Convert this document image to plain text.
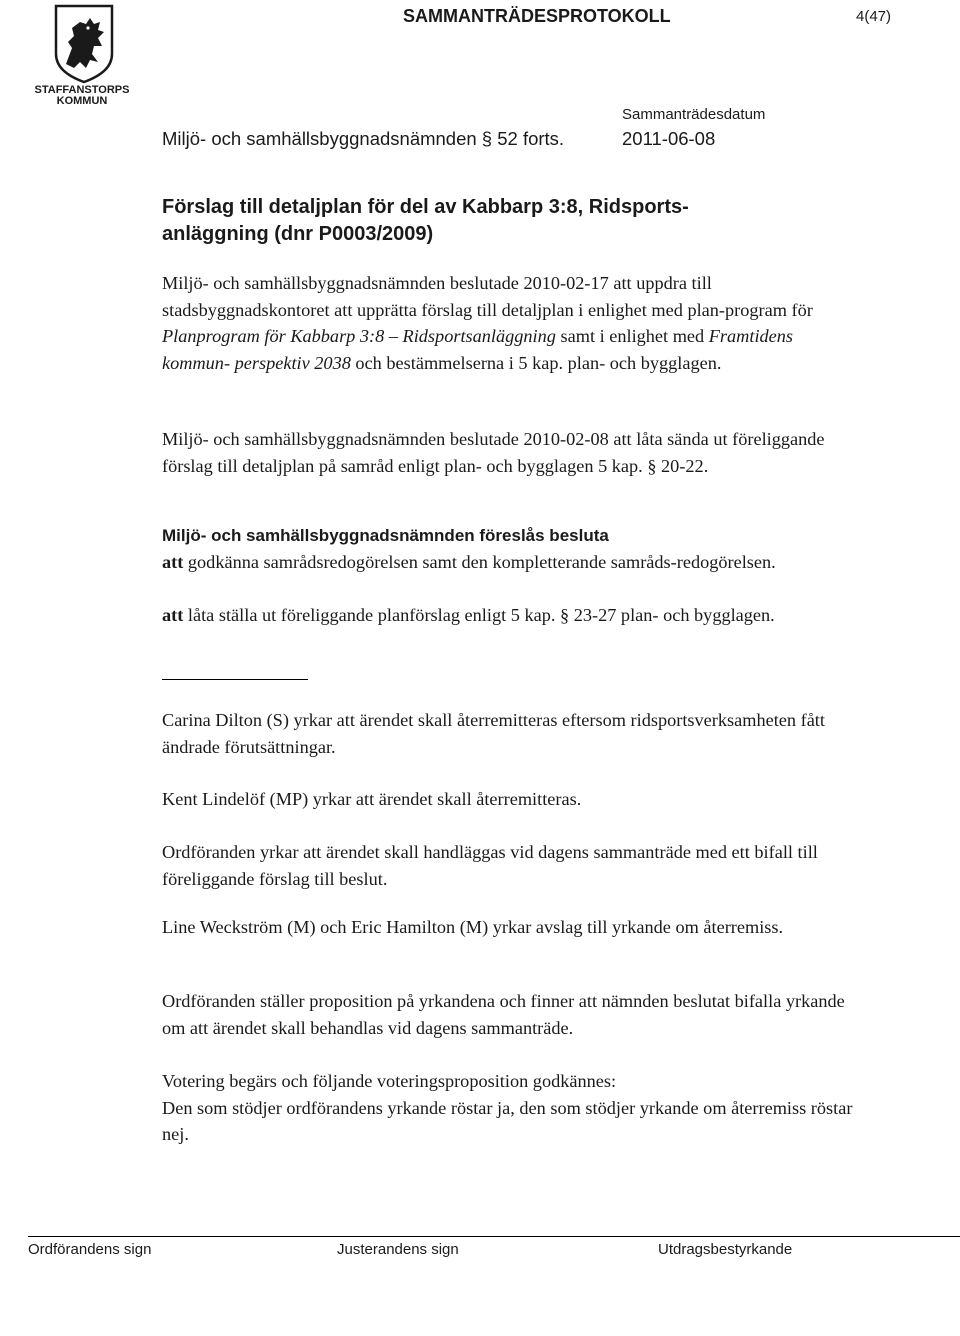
STAFFANSTORPS
KOMMUN
SAMMANTRÄDESPROTOKOLL	4(47)
Sammanträdesdatum
Miljö- och samhällsbyggnadsnämnden § 52 forts.	2011-06-08
Förslag till detaljplan för del av Kabbarp 3:8, Ridsports-
anläggning (dnr P0003/2009)
Miljö- och samhällsbyggnadsnämnden beslutade 2010-02-17 att uppdra till stadsbyggnadskontoret att upprätta förslag till detaljplan i enlighet med plan-program för Planprogram för Kabbarp 3:8 – Ridsportsanläggning samt i enlighet med Framtidens kommun- perspektiv 2038 och bestämmelserna i 5 kap. plan- och bygglagen.
Miljö- och samhällsbyggnadsnämnden beslutade 2010-02-08 att låta sända ut föreliggande förslag till detaljplan på samråd enligt plan- och bygglagen 5 kap. § 20-22.
Miljö- och samhällsbyggnadsnämnden föreslås besluta
att godkänna samrådsredogörelsen samt den kompletterande samråds-redogörelsen.
att låta ställa ut föreliggande planförslag enligt 5 kap. § 23-27 plan- och bygglagen.
Carina Dilton (S) yrkar att ärendet skall återremitteras eftersom ridsportsverksamheten fått ändrade förutsättningar.
Kent Lindelöf (MP) yrkar att ärendet skall återremitteras.
Ordföranden yrkar att ärendet skall handläggas vid dagens sammanträde med ett bifall till föreliggande förslag till beslut.
Line Weckström (M) och Eric Hamilton (M) yrkar avslag till yrkande om återremiss.
Ordföranden ställer proposition på yrkandena och finner att nämnden beslutat bifalla yrkande om att ärendet skall behandlas vid dagens sammanträde.
Votering begärs och följande voteringsproposition godkännes:
Den som stödjer ordförandens yrkande röstar ja, den som stödjer yrkande om återremiss röstar nej.
Ordförandens sign	Justerandens sign	Utdragsbestyrkande
